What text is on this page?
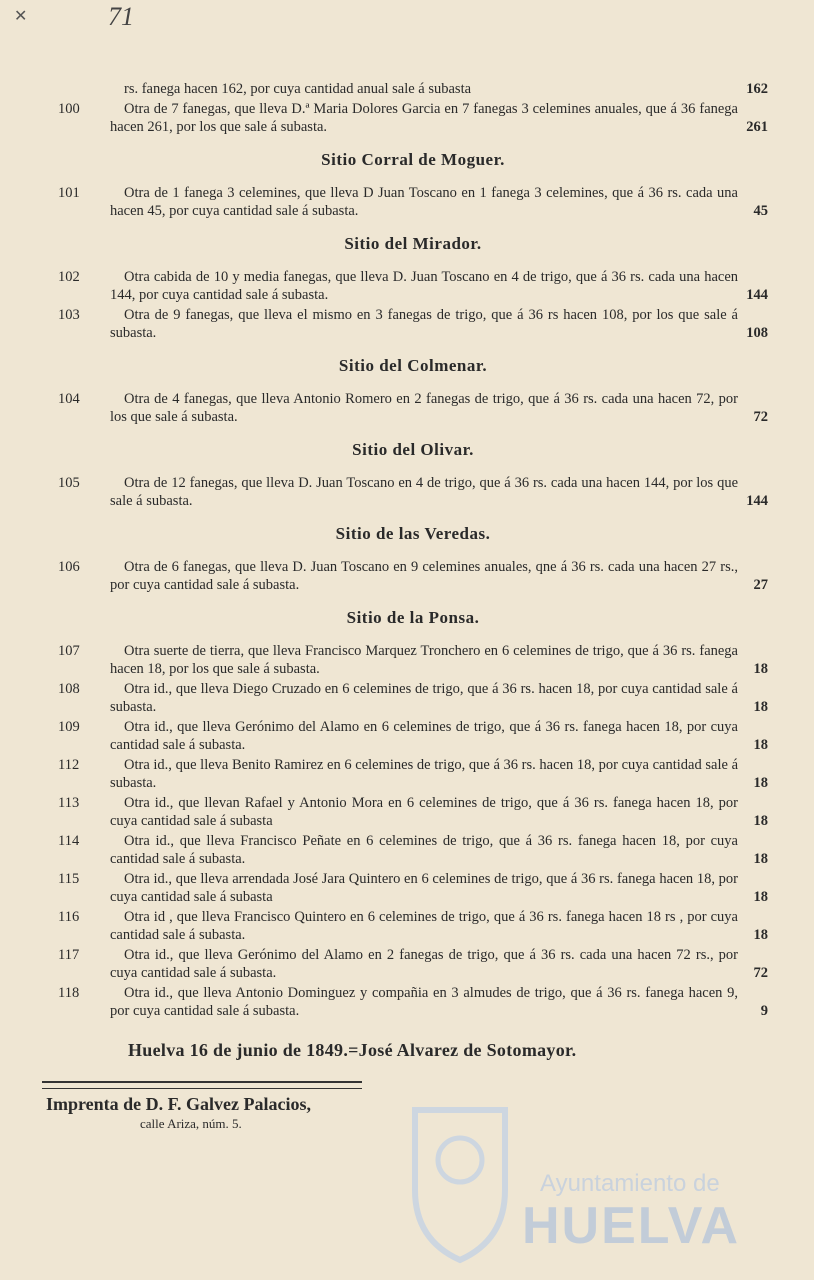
✕	71
rs. fanega hacen 162, por cuya cantidad anual sale á subasta	162
100	Otra de 7 fanegas, que lleva D.ª Maria Dolores Garcia en 7 fanegas 3 celemines anuales, que á 36 fanega hacen 261, por los que sale á subasta.	261
Sitio Corral de Moguer.
101	Otra de 1 fanega 3 celemines, que lleva D Juan Toscano en 1 fanega 3 celemines, que á 36 rs. cada una hacen 45, por cuya cantidad sale á subasta.	45
Sitio del Mirador.
102	Otra cabida de 10 y media fanegas, que lleva D. Juan Toscano en 4 de trigo, que á 36 rs. cada una hacen 144, por cuya cantidad sale á subasta.	144
103	Otra de 9 fanegas, que lleva el mismo en 3 fanegas de trigo, que á 36 rs hacen 108, por los que sale á subasta.	108
Sitio del Colmenar.
104	Otra de 4 fanegas, que lleva Antonio Romero en 2 fanegas de trigo, que á 36 rs. cada una hacen 72, por los que sale á subasta.	72
Sitio del Olivar.
105	Otra de 12 fanegas, que lleva D. Juan Toscano en 4 de trigo, que á 36 rs. cada una hacen 144, por los que sale á subasta.	144
Sitio de las Veredas.
106	Otra de 6 fanegas, que lleva D. Juan Toscano en 9 celemines anuales, qne á 36 rs. cada una hacen 27 rs., por cuya cantidad sale á subasta.	27
Sitio de la Ponsa.
107	Otra suerte de tierra, que lleva Francisco Marquez Tronchero en 6 celemines de trigo, que á 36 rs. fanega hacen 18, por los que sale á subasta.	18
108	Otra id., que lleva Diego Cruzado en 6 celemines de trigo, que á 36 rs. hacen 18, por cuya cantidad sale á subasta.	18
109	Otra id., que lleva Gerónimo del Alamo en 6 celemines de trigo, que á 36 rs. fanega hacen 18, por cuya cantidad sale á subasta.	18
112	Otra id., que lleva Benito Ramirez en 6 celemines de trigo, que á 36 rs. hacen 18, por cuya cantidad sale á subasta.	18
113	Otra id., que llevan Rafael y Antonio Mora en 6 celemines de trigo, que á 36 rs. fanega hacen 18, por cuya cantidad sale á subasta	18
114	Otra id., que lleva Francisco Peñate en 6 celemines de trigo, que á 36 rs. fanega hacen 18, por cuya cantidad sale á subasta.	18
115	Otra id., que lleva arrendada José Jara Quintero en 6 celemines de trigo, que á 36 rs. fanega hacen 18, por cuya cantidad sale á subasta	18
116	Otra id , que lleva Francisco Quintero en 6 celemines de trigo, que á 36 rs. fanega hacen 18 rs , por cuya cantidad sale á subasta.	18
117	Otra id., que lleva Gerónimo del Alamo en 2 fanegas de trigo, que á 36 rs. cada una hacen 72 rs., por cuya cantidad sale á subasta.	72
118	Otra id., que lleva Antonio Dominguez y compañia en 3 almudes de trigo, que á 36 rs. fanega hacen 9, por cuya cantidad sale á subasta.	9
Huelva 16 de junio de 1849.=José Alvarez de Sotomayor.
Imprenta de D. F. Galvez Palacios,
calle Ariza, núm. 5.
Ayuntamiento de
HUELVA
